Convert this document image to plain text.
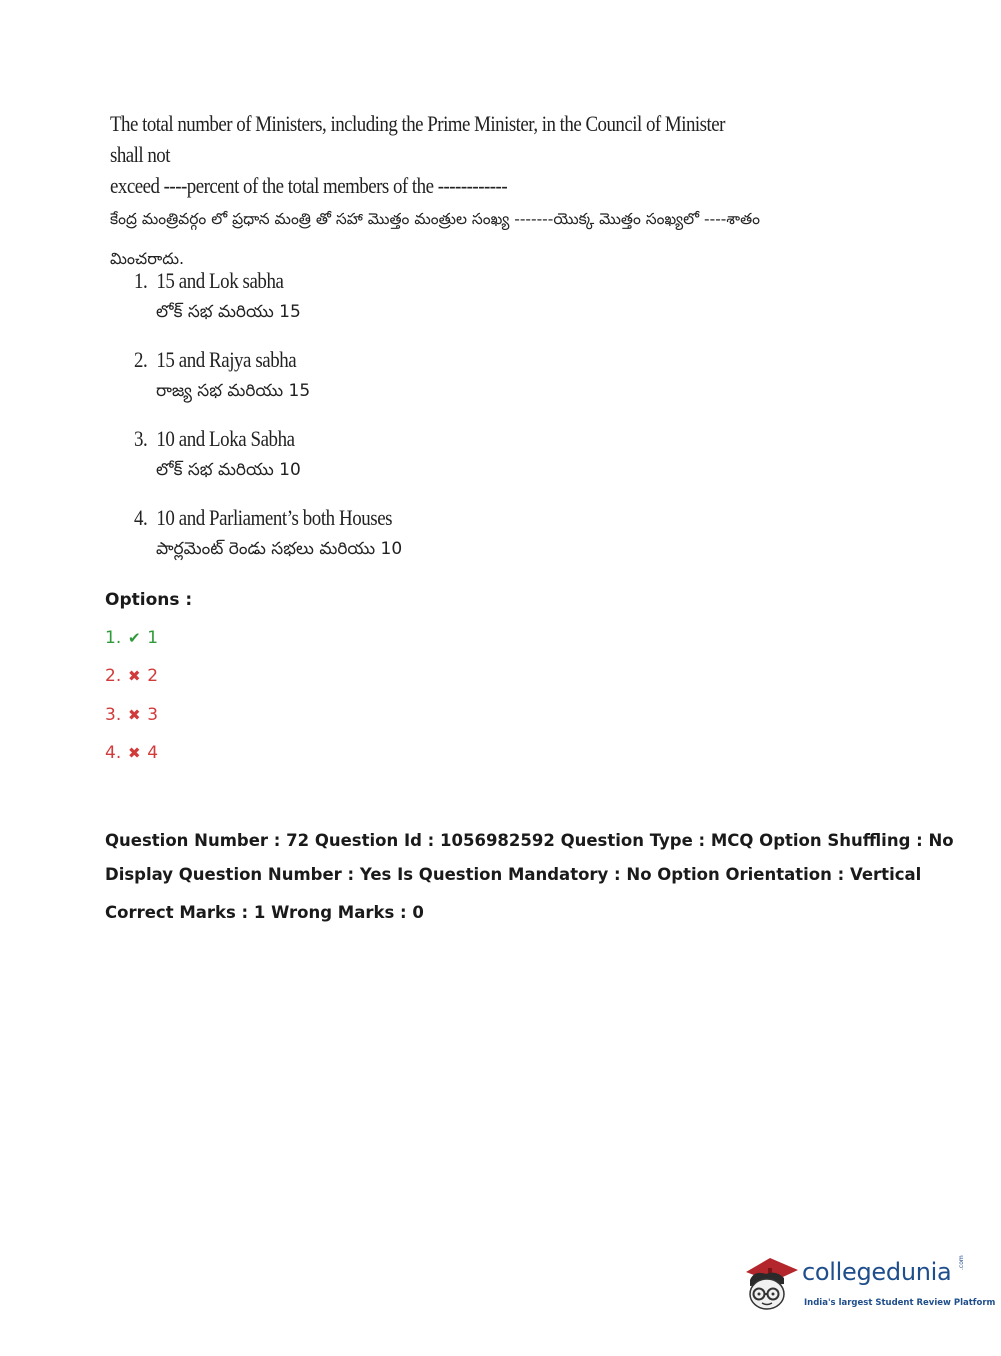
The total number of Ministers, including the Prime Minister, in the Council of Minister shall not
exceed ----percent of the total members of the ------------
కేంద్ర మంత్రివర్గం లో ప్రధాన మంత్రి తో సహా మొత్తం మంత్రుల సంఖ్య -------యొక్క మొత్తం సంఖ్యలో ----శాతం
మించరాదు.
1. 15 and Lok sabha
లోక్ సభ మరియు 15
2. 15 and Rajya sabha
రాజ్య సభ మరియు 15
3. 10 and Loka Sabha
లోక్ సభ మరియు 10
4. 10 and Parliament’s both Houses
పార్లమెంట్ రెండు సభలు మరియు 10
Options :
1. ✔ 1
2. ✖ 2
3. ✖ 3
4. ✖ 4
Question Number : 72 Question Id : 1056982592 Question Type : MCQ Option Shuffling : No
Display Question Number : Yes Is Question Mandatory : No Option Orientation : Vertical
Correct Marks : 1 Wrong Marks : 0
collegedunia .com
India's largest Student Review Platform
